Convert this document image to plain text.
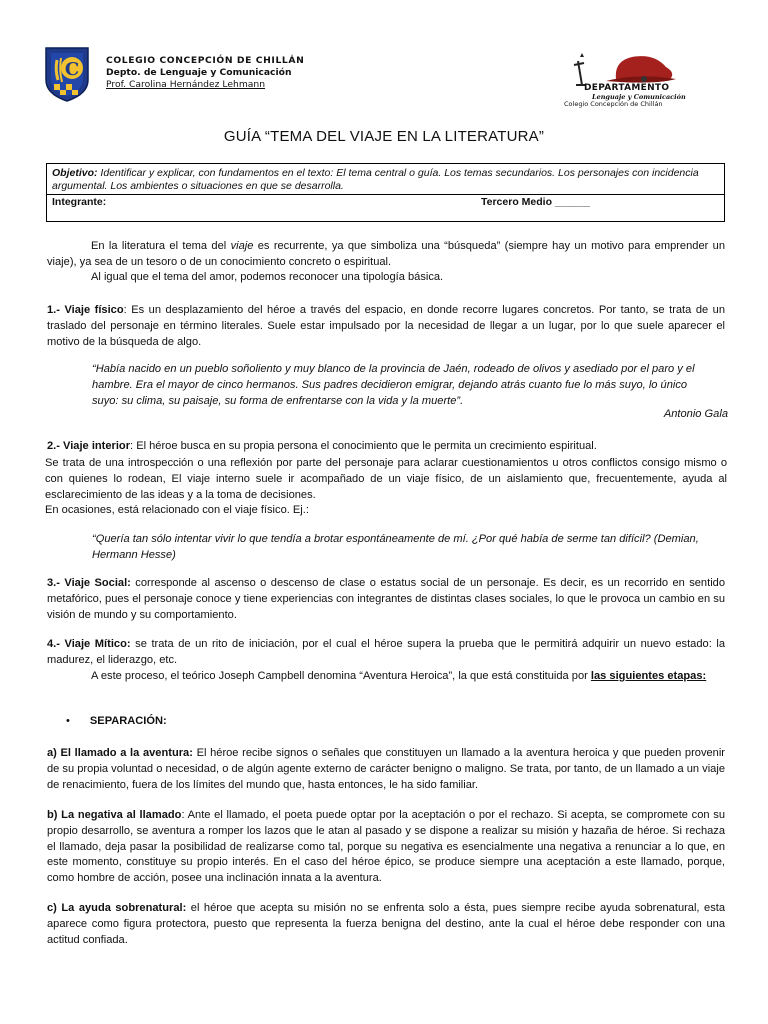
C	COLEGIO CONCEPCIÓN DE CHILLÁN
Depto. de Lenguaje y Comunicación
Prof. Carolina Hernández Lehmann	DEPARTAMENTO
Lenguaje y Comunicación
Colegio Concepción de Chillán
GUÍA “TEMA DEL VIAJE EN LA LITERATURA”
Objetivo: Identificar y explicar, con fundamentos en el texto: El tema central o guía. Los temas secundarios. Los personajes con incidencia argumental. Los ambientes o situaciones en que se desarrolla.
Integrante:	Tercero Medio ______
En la literatura el tema del viaje es recurrente, ya que simboliza una “búsqueda” (siempre hay un motivo para emprender un viaje), ya sea de un tesoro o de un conocimiento concreto o espiritual.
Al igual que el tema del amor, podemos reconocer una tipología básica.
1.- Viaje físico: Es un desplazamiento del héroe a través del espacio, en donde recorre lugares concretos. Por tanto, se trata de un traslado del personaje en término literales. Suele estar impulsado por la necesidad de llegar a un lugar, por lo que suele aparecer el motivo de la búsqueda de algo.
“Había nacido en un pueblo soñoliento y muy blanco de la provincia de Jaén, rodeado de olivos y asediado por el paro y el hambre. Era el mayor de cinco hermanos. Sus padres decidieron emigrar, dejando atrás cuanto fue lo más suyo, lo único suyo: su clima, su paisaje, su forma de enfrentarse con la vida y la muerte”.
Antonio Gala
2.- Viaje interior: El héroe busca en su propia persona el conocimiento que le permita un crecimiento espiritual.
Se trata de una introspección o una reflexión por parte del personaje para aclarar cuestionamientos u otros conflictos consigo mismo o con quienes lo rodean, El viaje interno suele ir acompañado de un viaje físico, de un aislamiento que, frecuentemente, ayuda al esclarecimiento de las ideas y a la toma de decisiones.
En ocasiones, está relacionado con el viaje físico. Ej.:
“Quería tan sólo intentar vivir lo que tendía a brotar espontáneamente de mí. ¿Por qué había de serme tan difícil? (Demian, Hermann Hesse)
3.- Viaje Social: corresponde al ascenso o descenso de clase o estatus social de un personaje. Es decir, es un recorrido en sentido metafórico, pues el personaje conoce y tiene experiencias con integrantes de distintas clases sociales, lo que le provoca un cambio en su visión de mundo y su comportamiento.
4.- Viaje Mítico: se trata de un rito de iniciación, por el cual el héroe supera la prueba que le permitirá adquirir un nuevo estado: la madurez, el liderazgo, etc.
A este proceso, el teórico Joseph Campbell denomina “Aventura Heroica”, la que está constituida por las siguientes etapas:
• SEPARACIÓN:
a) El llamado a la aventura: El héroe recibe signos o señales que constituyen un llamado a la aventura heroica y que pueden provenir de su propia voluntad o necesidad, o de algún agente externo de carácter benigno o maligno. Se trata, por tanto, de un llamado a un viaje de renacimiento, fuera de los límites del mundo que, hasta entonces, le ha sido familiar.
b) La negativa al llamado: Ante el llamado, el poeta puede optar por la aceptación o por el rechazo. Si acepta, se compromete con su propio desarrollo, se aventura a romper los lazos que le atan al pasado y se dispone a realizar su misión y hazaña de héroe. Si rechaza el llamado, deja pasar la posibilidad de realizarse como tal, porque su negativa es esencialmente una negativa a renunciar a lo que, en este momento, constituye su propio interés. En el caso del héroe épico, se produce siempre una aceptación a este llamado, porque, como hombre de acción, posee una inclinación innata a la aventura.
c) La ayuda sobrenatural: el héroe que acepta su misión no se enfrenta solo a ésta, pues siempre recibe ayuda sobrenatural, esta aparece como figura protectora, puesto que representa la fuerza benigna del destino, ante la cual el héroe debe responder con una actitud confiada.
